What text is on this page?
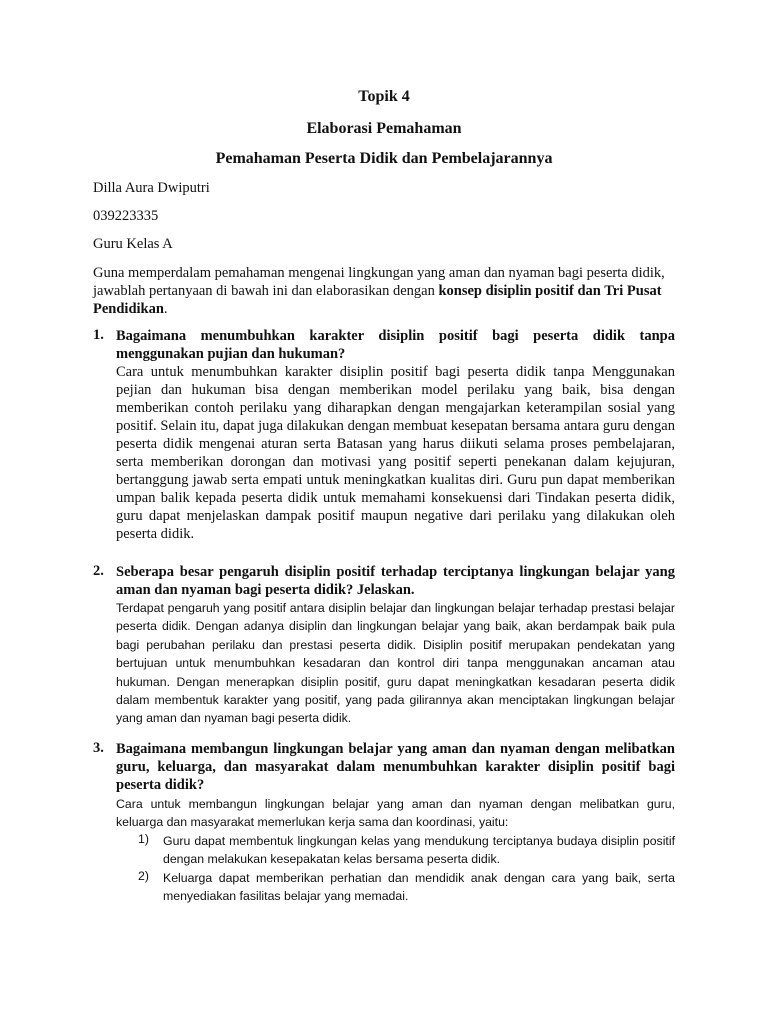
Topik 4
Elaborasi Pemahaman
Pemahaman Peserta Didik dan Pembelajarannya
Dilla Aura Dwiputri
039223335
Guru Kelas A
Guna memperdalam pemahaman mengenai lingkungan yang aman dan nyaman bagi peserta didik, jawablah pertanyaan di bawah ini dan elaborasikan dengan konsep disiplin positif dan Tri Pusat Pendidikan.
1. Bagaimana menumbuhkan karakter disiplin positif bagi peserta didik tanpa menggunakan pujian dan hukuman?
Cara untuk menumbuhkan karakter disiplin positif bagi peserta didik tanpa Menggunakan pejian dan hukuman bisa dengan memberikan model perilaku yang baik, bisa dengan memberikan contoh perilaku yang diharapkan dengan mengajarkan keterampilan sosial yang positif. Selain itu, dapat juga dilakukan dengan membuat kesepatan bersama antara guru dengan peserta didik mengenai aturan serta Batasan yang harus diikuti selama proses pembelajaran, serta memberikan dorongan dan motivasi yang positif seperti penekanan dalam kejujuran, bertanggung jawab serta empati untuk meningkatkan kualitas diri. Guru pun dapat memberikan umpan balik kepada peserta didik untuk memahami konsekuensi dari Tindakan peserta didik, guru dapat menjelaskan dampak positif maupun negative dari perilaku yang dilakukan oleh peserta didik.
2. Seberapa besar pengaruh disiplin positif terhadap terciptanya lingkungan belajar yang aman dan nyaman bagi peserta didik? Jelaskan.
Terdapat pengaruh yang positif antara disiplin belajar dan lingkungan belajar terhadap prestasi belajar peserta didik. Dengan adanya disiplin dan lingkungan belajar yang baik, akan berdampak baik pula bagi perubahan perilaku dan prestasi peserta didik. Disiplin positif merupakan pendekatan yang bertujuan untuk menumbuhkan kesadaran dan kontrol diri tanpa menggunakan ancaman atau hukuman. Dengan menerapkan disiplin positif, guru dapat meningkatkan kesadaran peserta didik dalam membentuk karakter yang positif, yang pada gilirannya akan menciptakan lingkungan belajar yang aman dan nyaman bagi peserta didik.
3. Bagaimana membangun lingkungan belajar yang aman dan nyaman dengan melibatkan guru, keluarga, dan masyarakat dalam menumbuhkan karakter disiplin positif bagi peserta didik?
Cara untuk membangun lingkungan belajar yang aman dan nyaman dengan melibatkan guru, keluarga dan masyarakat memerlukan kerja sama dan koordinasi, yaitu:
1) Guru dapat membentuk lingkungan kelas yang mendukung terciptanya budaya disiplin positif dengan melakukan kesepakatan kelas bersama peserta didik.
2) Keluarga dapat memberikan perhatian dan mendidik anak dengan cara yang baik, serta menyediakan fasilitas belajar yang memadai.
